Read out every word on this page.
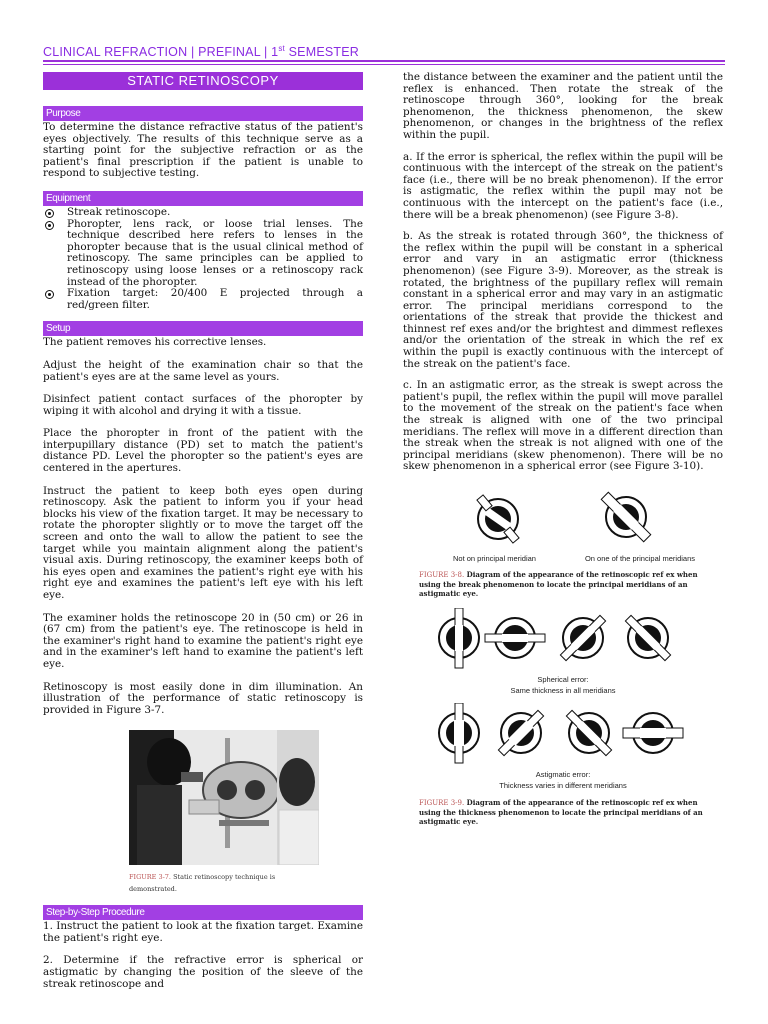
CLINICAL REFRACTION | PREFINAL | 1st SEMESTER
STATIC RETINOSCOPY
Purpose

To determine the distance refractive status of the patient's eyes objectively. The results of this technique serve as a starting point for the subjective refraction or as the patient's final prescription if the patient is unable to respond to subjective testing.

Equipment
Streak retinoscope.
Phoropter, lens rack, or loose trial lenses. The technique described here refers to lenses in the phoropter because that is the usual clinical method of retinoscopy. The same principles can be applied to retinoscopy using loose lenses or a retinoscopy rack instead of the phoropter.
Fixation target: 20/400 E projected through a red/green filter.
Setup

The patient removes his corrective lenses.

Adjust the height of the examination chair so that the patient's eyes are at the same level as yours.

Disinfect patient contact surfaces of the phoropter by wiping it with alcohol and drying it with a tissue.

Place the phoropter in front of the patient with the interpupillary distance (PD) set to match the patient's distance PD. Level the phoropter so the patient's eyes are centered in the apertures.

Instruct the patient to keep both eyes open during retinoscopy. Ask the patient to inform you if your head blocks his view of the fixation target. It may be necessary to rotate the phoropter slightly or to move the target off the screen and onto the wall to allow the patient to see the target while you maintain alignment along the patient's visual axis. During retinoscopy, the examiner keeps both of his eyes open and examines the patient's right eye with his right eye and examines the patient's left eye with his left eye.

The examiner holds the retinoscope 20 in (50 cm) or 26 in (67 cm) from the patient's eye. The retinoscope is held in the examiner's right hand to examine the patient's right eye and in the examiner's left hand to examine the patient's left eye.

Retinoscopy is most easily done in dim illumination. An illustration of the performance of static retinoscopy is provided in Figure 3-7.

FIGURE 3-7. Static retinoscopy technique is demonstrated.
Step-by-Step Procedure

1. Instruct the patient to look at the fixation target. Examine the patient's right eye.

2. Determine if the refractive error is spherical or astigmatic by changing the position of the sleeve of the streak retinoscope and

the distance between the examiner and the patient until the reflex is enhanced. Then rotate the streak of the retinoscope through 360°, looking for the break phenomenon, the thickness phenomenon, the skew phenomenon, or changes in the brightness of the reflex within the pupil.

a. If the error is spherical, the reflex within the pupil will be continuous with the intercept of the streak on the patient's face (i.e., there will be no break phenomenon). If the error is astigmatic, the reflex within the pupil may not be continuous with the intercept on the patient's face (i.e., there will be a break phenomenon) (see Figure 3-8).

b. As the streak is rotated through 360°, the thickness of the reflex within the pupil will be constant in a spherical error and vary in an astigmatic error (thickness phenomenon) (see Figure 3-9). Moreover, as the streak is rotated, the brightness of the pupillary reflex will remain constant in a spherical error and may vary in an astigmatic error. The principal meridians correspond to the orientations of the streak that provide the thickest and thinnest ref exes and/or the brightest and dimmest reflexes and/or the orientation of the streak in which the ref ex within the pupil is exactly continuous with the intercept of the streak on the patient's face.

c. In an astigmatic error, as the streak is swept across the patient's pupil, the reflex within the pupil will move parallel to the movement of the streak on the patient's face when the streak is aligned with one of the two principal meridians. The reflex will move in a different direction than the streak when the streak is not aligned with one of the principal meridians (skew phenomenon). There will be no skew phenomenon in a spherical error (see Figure 3-10).

Not on principal meridian	On one of the principal meridians
FIGURE 3-8. Diagram of the appearance of the retinoscopic ref ex when using the break phenomenon to locate the principal meridians of an astigmatic eye.
Spherical error:
Same thickness in all meridians
Astigmatic error:
Thickness varies in different meridians
FIGURE 3-9. Diagram of the appearance of the retinoscopic ref ex when using the thickness phenomenon to locate the principal meridians of an astigmatic eye.
